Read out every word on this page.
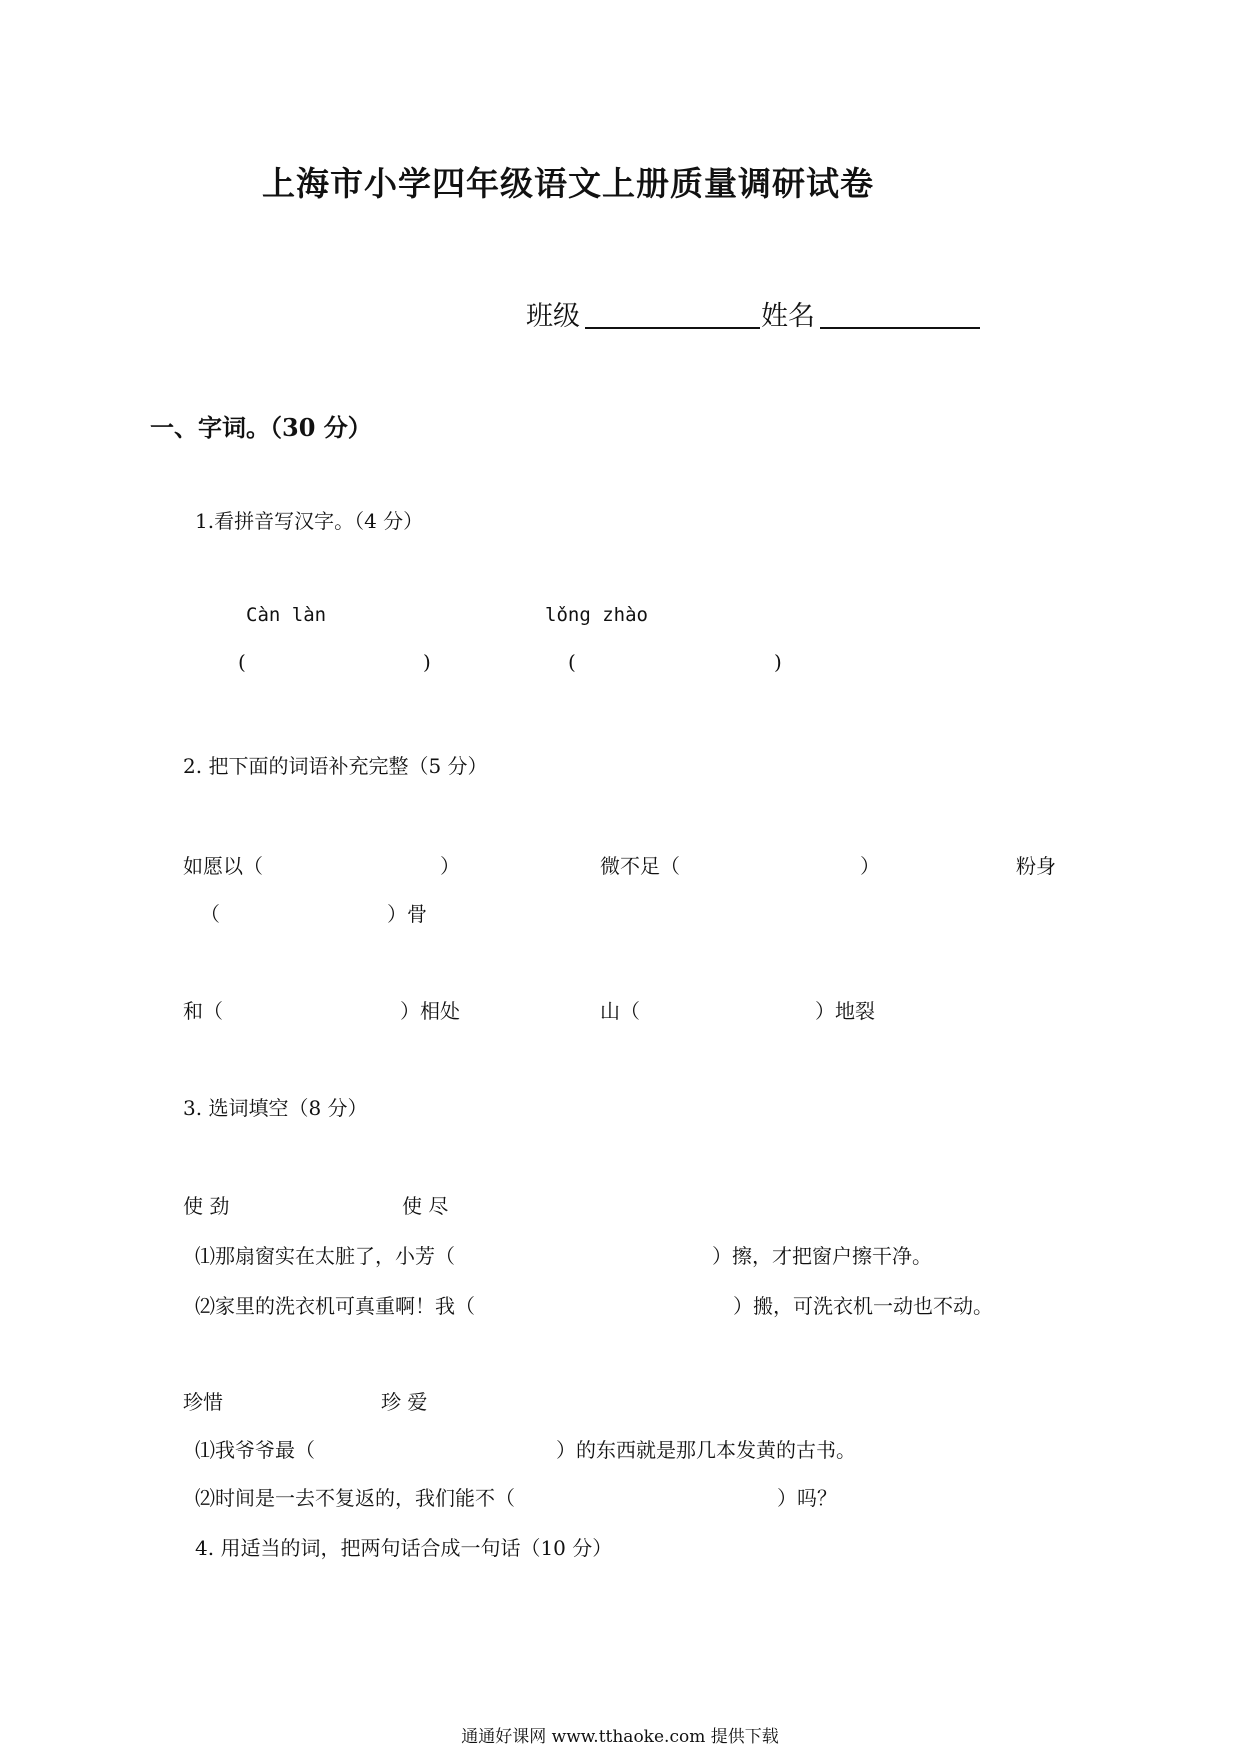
上海市小学四年级语文上册质量调研试卷
班级	姓名
一、字词。（30 分）
1.看拼音写汉字。（4 分）
Càn làn	lǒng zhào
(	)	(	)
2. 把下面的词语补充完整（5 分）
如愿以（	）	微不足（	）	粉身
（	）骨
和（	）相处	山（	）地裂
3. 选词填空（8 分）
使 劲	使 尽
⑴那扇窗实在太脏了，小芳（	）擦，才把窗户擦干净。
⑵家里的洗衣机可真重啊！我（	）搬，可洗衣机一动也不动。
珍惜	珍 爱
⑴我爷爷最（	）的东西就是那几本发黄的古书。
⑵时间是一去不复返的，我们能不（	）吗？
4. 用适当的词，把两句话合成一句话（10 分）
通通好课网 www.tthaoke.com 提供下载
